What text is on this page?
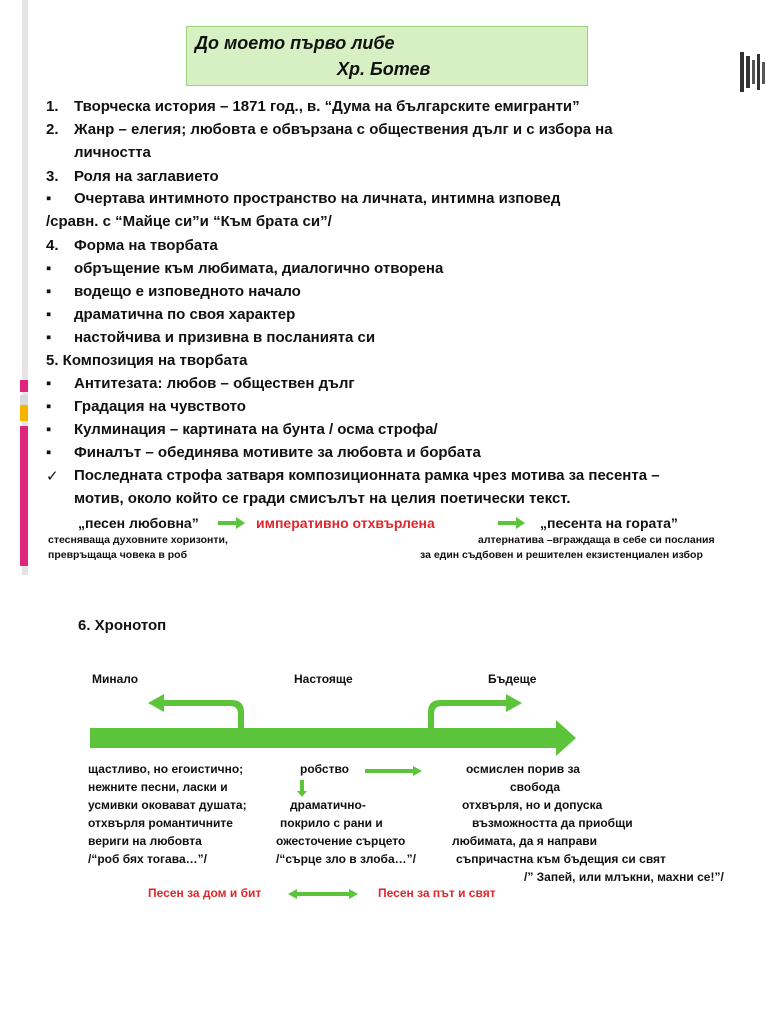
До моето първо либе
Хр. Ботев
1. Творческа история – 1871 год., в. “Дума на българските емигранти”
2. Жанр – елегия; любовта е обвързана с обществения дълг и с избора на
личността
3. Роля на заглавието
▪ Очертава интимното пространство на личната, интимна изповед
/сравн. с “Майце си”и “Към брата си”/
4. Форма на творбата
▪ обръщение към любимата, диалогично отворена
▪ водещо е изповедното начало
▪ драматична по своя характер
▪ настойчива и призивна в посланията си
5. Композиция на творбата
▪ Антитезата: любов – обществен дълг
▪ Градация на чувството
▪ Кулминация – картината на бунта / осма строфа/
▪ Финалът – обединява мотивите за любовта и борбата
✓ Последната строфа затваря композиционната рамка чрез мотива за песента –
мотив, около който се гради смисълът на целия поетически текст.
„песен любовна”	императивно отхвърлена	„песента на гората”
стесняваща духовните хоризонти,
превръщаща човека в роб
алтернатива –вграждаща в себе си послания
за един съдбовен и решителен екзистенциален избор
6. Хронотоп
Минало	Настояще	Бъдеще
щастливо, но егоистично;
нежните песни, ласки и
усмивки оковават душата;
отхвърля романтичните
вериги на любовта
/“роб бях тогава…”/
робство
драматично-
покрило с рани и
ожесточение сърцето
/“сърце зло в злоба…”/
осмислен порив за
свобода
отхвърля, но и допуска
възможността да приобщи
любимата, да я направи
съпричастна към бъдещия си свят
/” Запей, или млъкни, махни се!”/
Песен за дом и бит	Песен за път и свят
